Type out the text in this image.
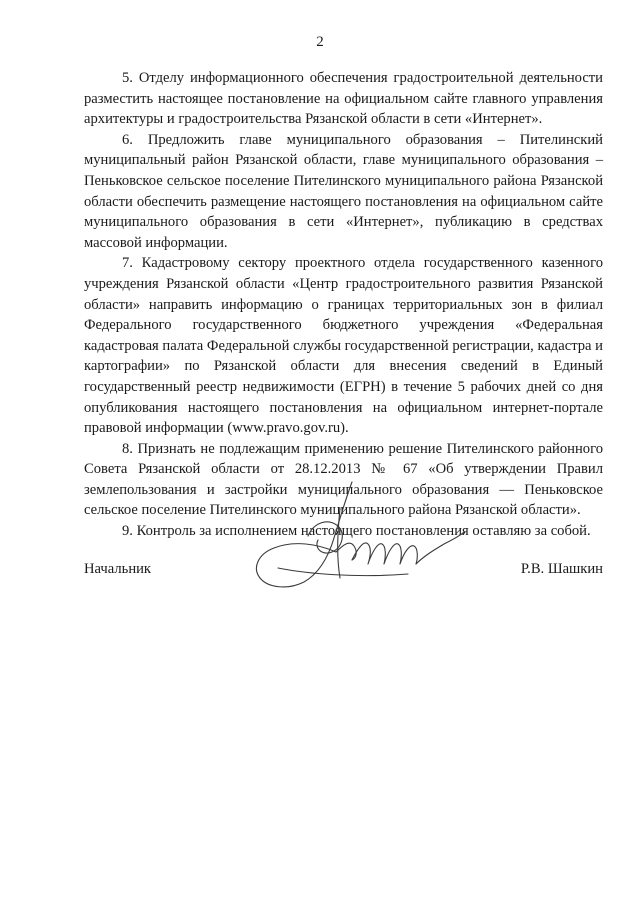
2

5. Отделу информационного обеспечения градостроительной деятельности разместить настоящее постановление на официальном сайте главного управления архитектуры и градостроительства Рязанской области в сети «Интернет».

6. Предложить главе муниципального образования – Пителинский муниципальный район Рязанской области, главе муниципального образования – Пеньковское сельское поселение Пителинского муниципального района Рязанской области обеспечить размещение настоящего постановления на официальном сайте муниципального образования в сети «Интернет», публикацию в средствах массовой информации.

7. Кадастровому сектору проектного отдела государственного казенного учреждения Рязанской области «Центр градостроительного развития Рязанской области» направить информацию о границах территориальных зон в филиал Федерального государственного бюджетного учреждения «Федеральная кадастровая палата Федеральной службы государственной регистрации, кадастра и картографии» по Рязанской области для внесения сведений в Единый государственный реестр недвижимости (ЕГРН) в течение 5 рабочих дней со дня опубликования настоящего постановления на официальном интернет-портале правовой информации (www.pravo.gov.ru).

8. Признать не подлежащим применению решение Пителинского районного Совета Рязанской области от 28.12.2013 № 67 «Об утверждении Правил землепользования и застройки муниципального образования — Пеньковское сельское поселение Пителинского муниципального района Рязанской области».

9. Контроль за исполнением настоящего постановления оставляю за собой.

Начальник	Р.В. Шашкин
